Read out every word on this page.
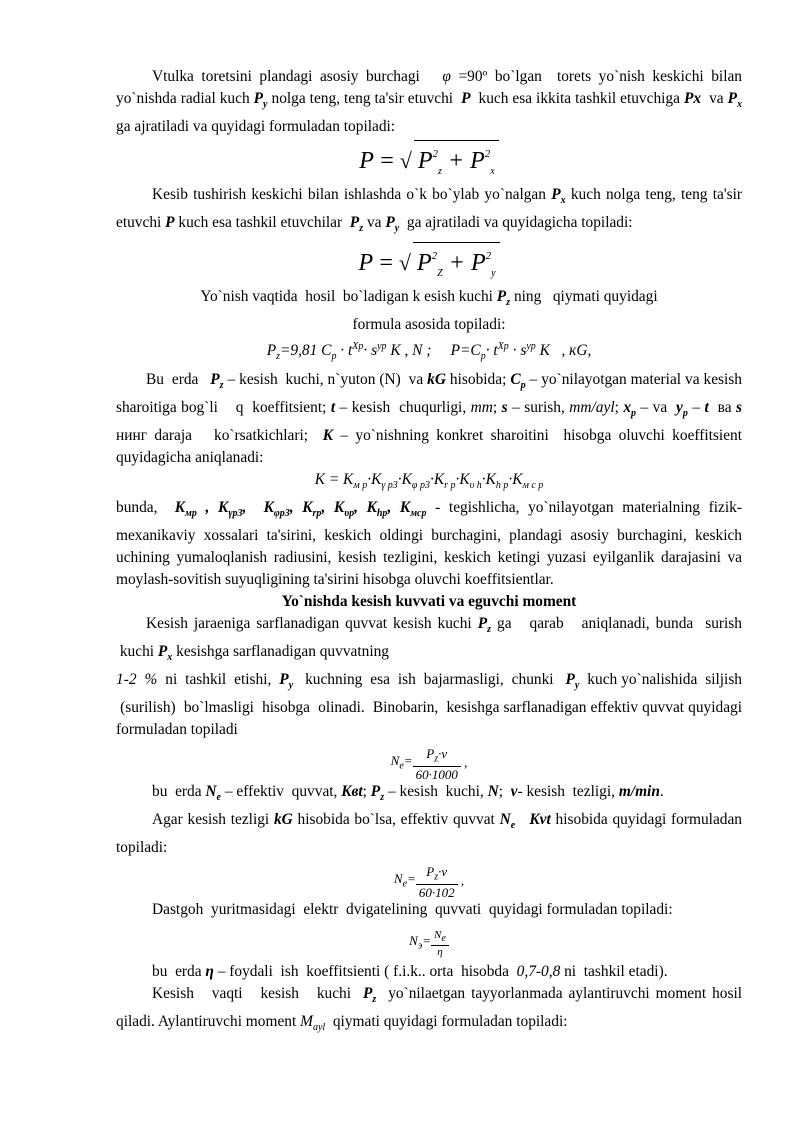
Vtulka toretsini plandagi asosiy burchagi   φ =90º bo`lgan  torets yo`nish keskichi bilan yo`nishda radial kuch $P_y$ nolga teng, teng ta'sir etuvchi  P  kuch esa ikkita tashkil etuvchiga Px  va $P_x$ ga ajratiladi va quyidagi formuladan topiladi:

P = √ $P^2_z + P^2_x$

Kesib tushirish keskichi bilan ishlashda o`k bo`ylab yo`nalgan $P_x$ kuch nolga teng, teng ta'sir etuvchi P kuch esa tashkil etuvchilar  $P_z$ va $P_y$  ga ajratiladi va quyidagicha topiladi:

P = √ $P^2_Z + P^2_y$

Yo`nish vaqtida  hosil  bo`ladigan k esish kuchi $P_z$ ning   qiymati quyidagi

formula asosida topiladi:

$P_z=9,81$ $C_p \cdot t^{Xp}\cdot s^{yp}$ K , N ;     $P=C_p\cdot t^{Xp} \cdot s^{yp}$ K   , кG,

Bu  erda   $P_z$ – kesish  kuchi, n`yuton (N)  va kG hisobida; $C_p$ – yo`nilayotgan material va kesish sharoitiga bog`li    q  koeffitsient; t – kesish  chuqurligi, mm; s – surish, mm/ayl; $x_p$ – va  $y_p$ – t  ва s нинг daraja   ko`rsatkichlari;  K – yo`nishning konkret sharoitini  hisobga oluvchi koeffitsient quyidagicha aniqlanadi:

$K = K_{м р}\cdot K_{\gamma р3}\cdot K_{\varphi р3}\cdot K_{r р}\cdot K_{\upsilon h}\cdot K_{h р}\cdot K_{м с р}$

bunda,  $K_{мр}$ , $K_{\gamma р3}$,  $K_{\varphi р3}$, $K_{rр}$, $K_{\upsilon р}$, $K_{hр}$, $K_{мср}$ - tegishlicha, yo`nilayotgan materialning fizik-mexanikaviy xossalari ta'sirini, keskich oldingi burchagini, plandagi asosiy burchagini, keskich uchining yumaloqlanish radiusini, kesish tezligini, keskich ketingi yuzasi eyilganlik darajasini va moylash-sovitish suyuqligining ta'sirini hisobga oluvchi koeffitsientlar.

Yo`nishda kesish kuvvati va eguvchi moment

Kesish jaraeniga sarflanadigan quvvat kesish kuchi $P_z$ ga   qarab   aniqlanadi, bunda  surish  kuchi $P_x$ kesishga sarflanadigan quvvatning

1-2  %  ni  tashkil  etishi,  $P_y$   kuchning  esa  ish  bajarmasligi,  chunki   $P_y$  kuch yo`nalishida  siljish  (surilish)  bo`lmasligi  hisobga  olinadi.  Binobarin,  kesishga sarflanadigan effektiv quvvat quyidagi formuladan topiladi

$N_e= \frac{P_z\cdot v}{60\cdot 1000}$ ,

bu  erda $N_e$ – effektiv  quvvat, Kвt; $P_z$ – kesish  kuchi, N;  v- kesish  tezligi, m/min.

Agar kesish tezligi kG hisobida bo`lsa, effektiv quvvat $N_e$ Kvt hisobida quyidagi formuladan topiladi:

$N_e= \frac{P_z\cdot v}{60\cdot 102}$ ,

Dastgoh  yuritmasidagi  elektr  dvigatelining  quvvati  quyidagi formuladan topiladi:

$N_э= \frac{N_e}{\eta}$

bu  erda η – foydali  ish  koeffitsienti ( f.i.k.. orta  hisobda  0,7-0,8 ni  tashkil etadi).

Kesish   vaqti   kesish   kuchi  $P_z$  yo`nilaetgan tayyorlanmada aylantiruvchi moment hosil qiladi. Aylantiruvchi moment $M_{ayl}$  qiymati quyidagi formuladan topiladi:
